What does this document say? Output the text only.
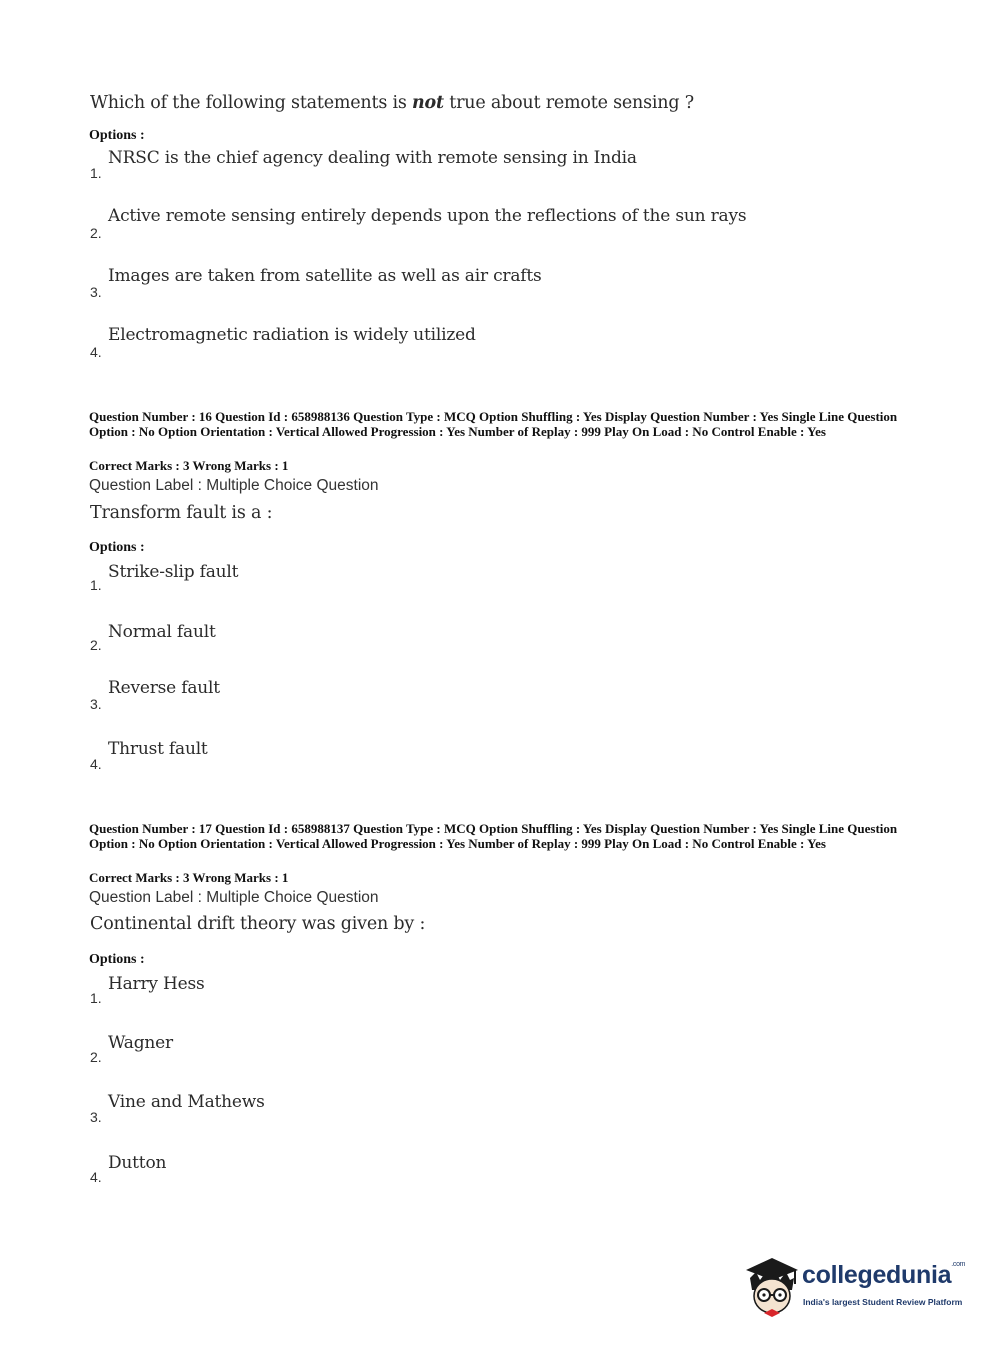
Which of the following statements is not true about remote sensing ?

Options :

NRSC is the chief agency dealing with remote sensing in India

1.

Active remote sensing entirely depends upon the reflections of the sun rays

2.

Images are taken from satellite as well as air crafts

3.

Electromagnetic radiation is widely utilized

4.

Question Number : 16 Question Id : 658988136 Question Type : MCQ Option Shuffling : Yes Display Question Number : Yes Single Line Question Option : No Option Orientation : Vertical Allowed Progression : Yes Number of Replay : 999 Play On Load : No Control Enable : Yes

Correct Marks : 3 Wrong Marks : 1

Question Label : Multiple Choice Question

Transform fault is a :

Options :

Strike-slip fault

1.

Normal fault

2.

Reverse fault

3.

Thrust fault

4.

Question Number : 17 Question Id : 658988137 Question Type : MCQ Option Shuffling : Yes Display Question Number : Yes Single Line Question Option : No Option Orientation : Vertical Allowed Progression : Yes Number of Replay : 999 Play On Load : No Control Enable : Yes

Correct Marks : 3 Wrong Marks : 1

Question Label : Multiple Choice Question

Continental drift theory was given by :

Options :

Harry Hess

1.

Wagner

2.

Vine and Mathews

3.

Dutton

4.

collegedunia$^{.com}$

India's largest Student Review Platform
